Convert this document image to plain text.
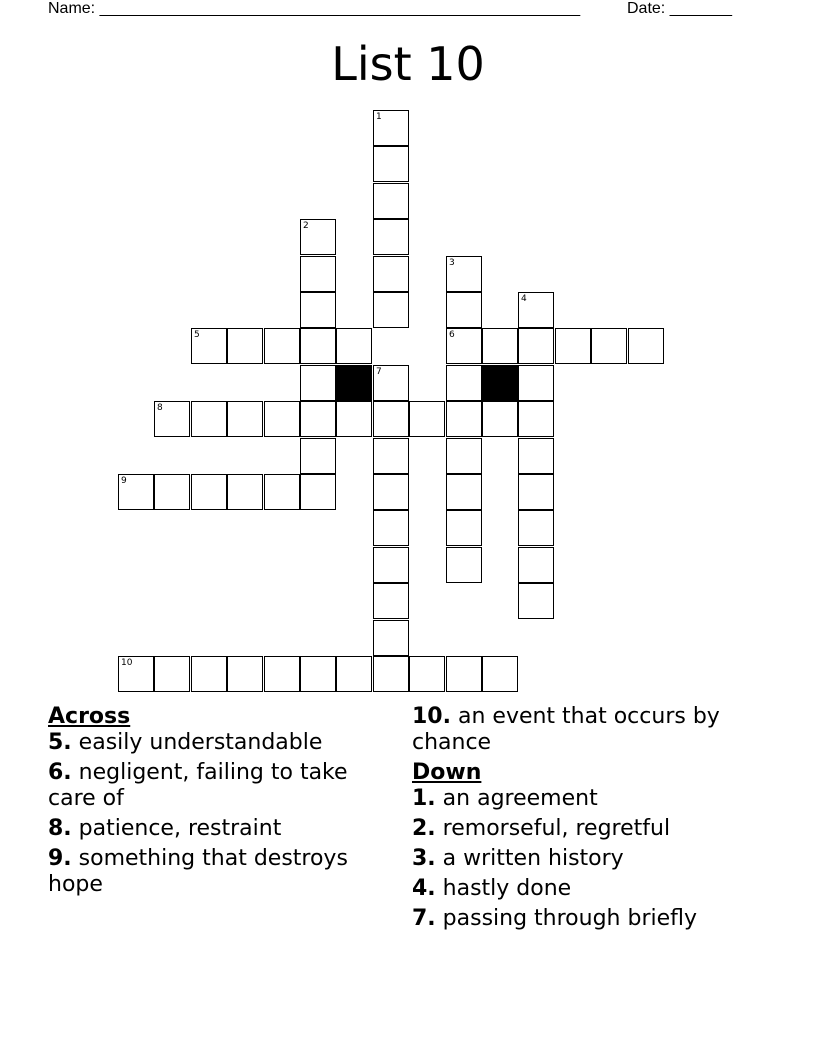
Name: ______________________________________________________	Date: _______
List 10
1
2
3
6
4
5
7
8
9
10
Across
5. easily understandable
6. negligent, failing to take care of
8. patience, restraint
9. something that destroys hope
10. an event that occurs by chance
Down
1. an agreement
2. remorseful, regretful
3. a written history
4. hastly done
7. passing through briefly
